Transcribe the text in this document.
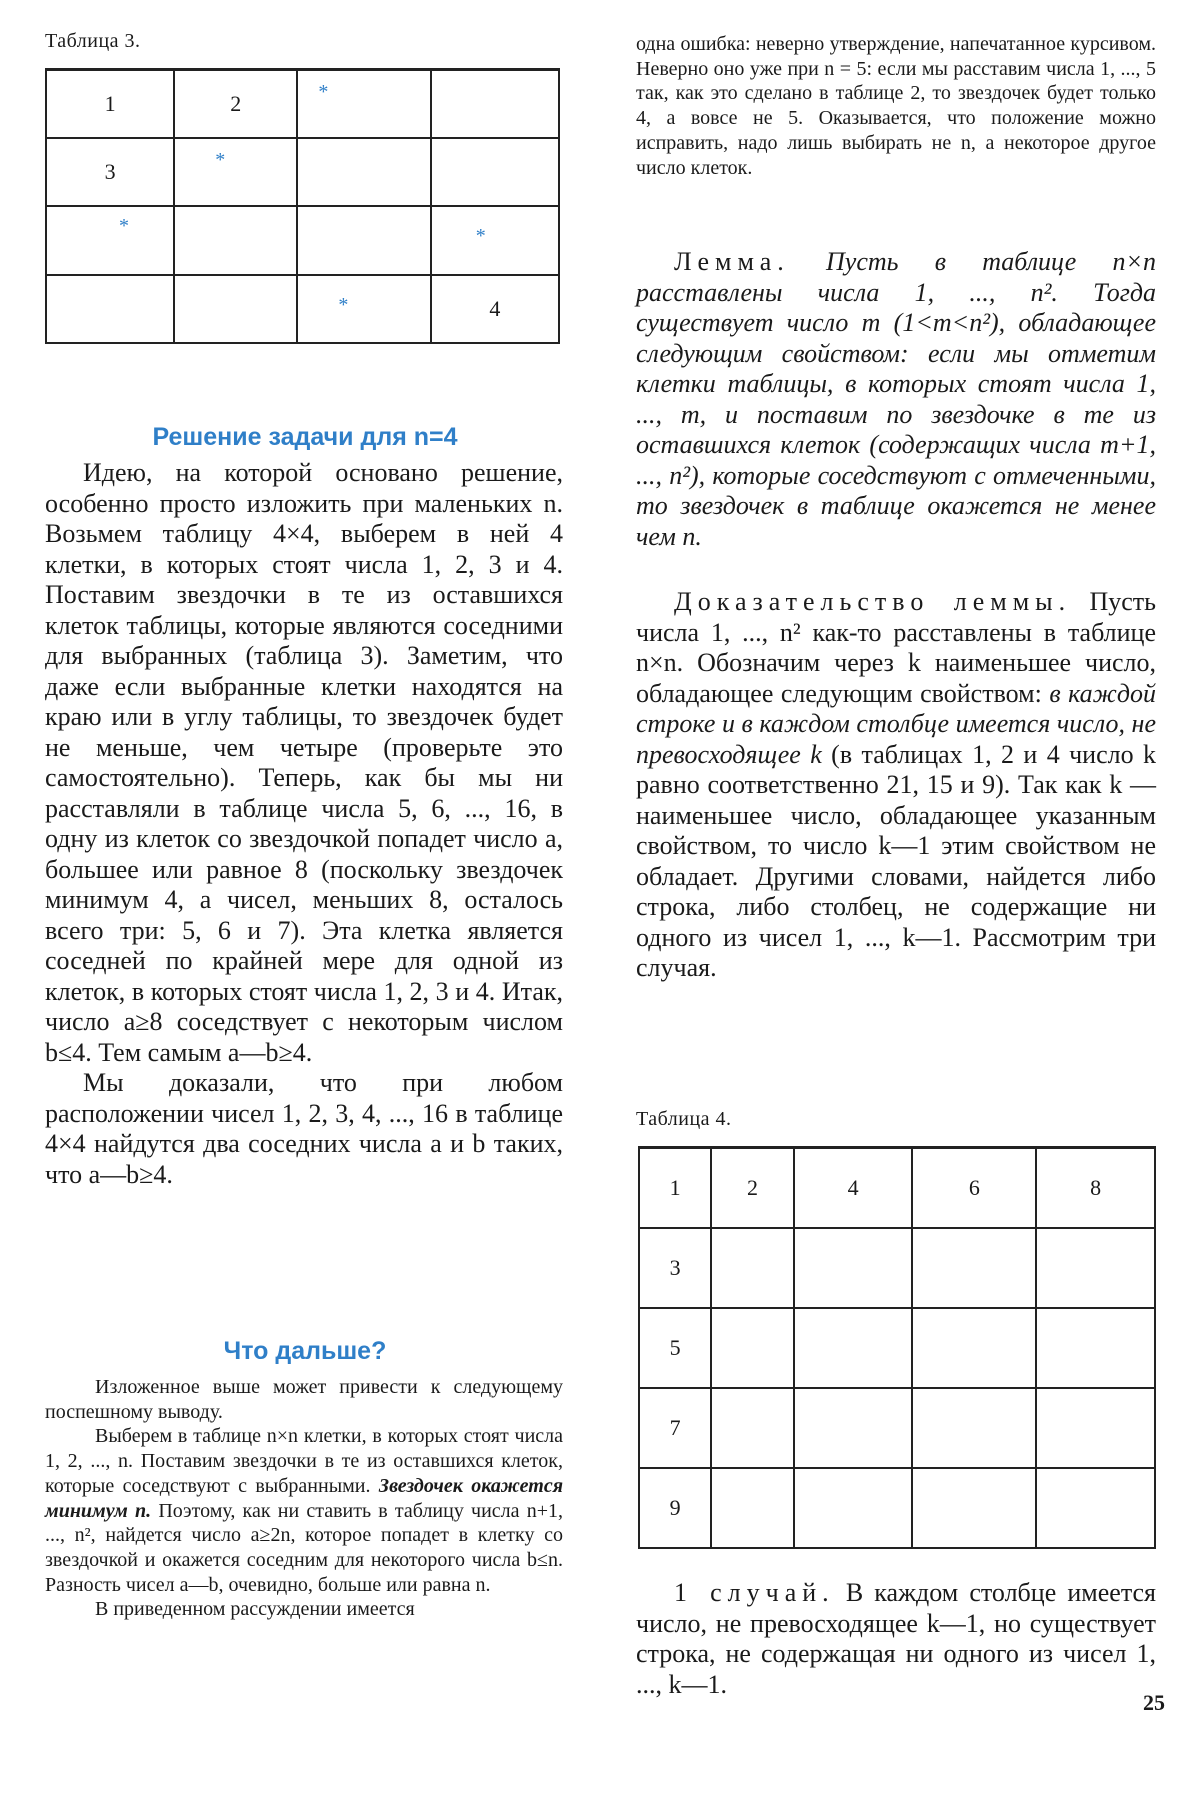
Таблица 3.
1	2	*	

3	*		

*			*

		*	4
Решение задачи для n=4

Идею, на которой основано решение, особенно просто изложить при маленьких n. Возьмем таблицу 4×4, выберем в ней 4 клетки, в которых стоят числа 1, 2, 3 и 4. Поставим звездочки в те из оставшихся клеток таблицы, которые являются соседними для выбранных (таблица 3). Заметим, что даже если выбранные клетки находятся на краю или в углу таблицы, то звездочек будет не меньше, чем четыре (проверьте это самостоятельно). Теперь, как бы мы ни расставляли в таблице числа 5, 6, ..., 16, в одну из клеток со звездочкой попадет число a, большее или равное 8 (поскольку звездочек минимум 4, а чисел, меньших 8, осталось всего три: 5, 6 и 7). Эта клетка является соседней по крайней мере для одной из клеток, в которых стоят числа 1, 2, 3 и 4. Итак, число a≥8 соседствует с некоторым числом b≤4. Тем самым a—b≥4.

Мы доказали, что при любом расположении чисел 1, 2, 3, 4, ..., 16 в таблице 4×4 найдутся два соседних числа a и b таких, что a—b≥4.

Что дальше?

Изложенное выше может привести к следующему поспешному выводу.

Выберем в таблице n×n клетки, в которых стоят числа 1, 2, ..., n. Поставим звездочки в те из оставшихся клеток, которые соседствуют с выбранными. Звездочек окажется минимум n. Поэтому, как ни ставить в таблицу числа n+1, ..., n², найдется число a≥2n, которое попадет в клетку со звездочкой и окажется соседним для некоторого числа b≤n. Разность чисел a—b, очевидно, больше или равна n.

В приведенном рассуждении имеется

одна ошибка: неверно утверждение, напечатанное курсивом. Неверно оно уже при n = 5: если мы расставим числа 1, ..., 5 так, как это сделано в таблице 2, то звездочек будет только 4, а вовсе не 5. Оказывается, что положение можно исправить, надо лишь выбирать не n, а некоторое другое число клеток.

Лемма. Пусть в таблице n×n расставлены числа 1, ..., n². Тогда существует число m (1<m<n²), обладающее следующим свойством: если мы отметим клетки таблицы, в которых стоят числа 1, ..., m, и поставим по звездочке в те из оставшихся клеток (содержащих числа m+1, ..., n²), которые соседствуют с отмеченными, то звездочек в таблице окажется не менее чем n.

Доказательство леммы. Пусть числа 1, ..., n² как-то расставлены в таблице n×n. Обозначим через k наименьшее число, обладающее следующим свойством: в каждой строке и в каждом столбце имеется число, не превосходящее k (в таблицах 1, 2 и 4 число k равно соответственно 21, 15 и 9). Так как k — наименьшее число, обладающее указанным свойством, то число k—1 этим свойством не обладает. Другими словами, найдется либо строка, либо столбец, не содержащие ни одного из чисел 1, ..., k—1. Рассмотрим три случая.

Таблица 4.
1	2	4	6	8
3				
5				
7				
9				

1 случай. В каждом столбце имеется число, не превосходящее k—1, но существует строка, не содержащая ни одного из чисел 1, ..., k—1.

25
